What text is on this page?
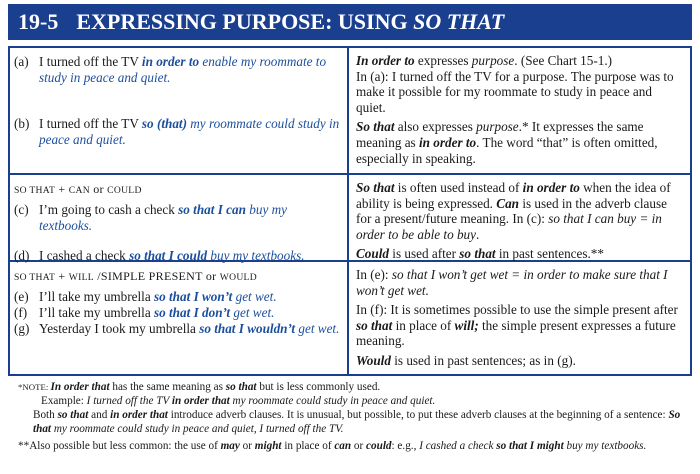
19-5 EXPRESSING PURPOSE: USING SO THAT
(a) I turned off the TV in order to enable my roommate to study in peace and quiet.
(b) I turned off the TV so (that) my roommate could study in peace and quiet.
In order to expresses purpose. (See Chart 15-1.)
In (a): I turned off the TV for a purpose. The purpose was to make it possible for my roommate to study in peace and quiet.
So that also expresses purpose.* It expresses the same meaning as in order to. The word “that” is often omitted, especially in speaking.
SO THAT + CAN or COULD
(c) I’m going to cash a check so that I can buy my textbooks.
(d) I cashed a check so that I could buy my textbooks.
So that is often used instead of in order to when the idea of ability is being expressed. Can is used in the adverb clause for a present/future meaning. In (c): so that I can buy = in order to be able to buy.
Could is used after so that in past sentences.**
SO THAT + WILL /SIMPLE PRESENT or WOULD
(e) I’ll take my umbrella so that I won’t get wet.
(f) I’ll take my umbrella so that I don’t get wet.
(g) Yesterday I took my umbrella so that I wouldn’t get wet.
In (e): so that I won’t get wet = in order to make sure that I won’t get wet.
In (f): It is sometimes possible to use the simple present after so that in place of will; the simple present expresses a future meaning.
Would is used in past sentences; as in (g).
*NOTE: In order that has the same meaning as so that but is less commonly used.
Example: I turned off the TV in order that my roommate could study in peace and quiet.
Both so that and in order that introduce adverb clauses. It is unusual, but possible, to put these adverb clauses at the beginning of a sentence: So that my roommate could study in peace and quiet, I turned off the TV.
**Also possible but less common: the use of may or might in place of can or could: e.g., I cashed a check so that I might buy my textbooks.
